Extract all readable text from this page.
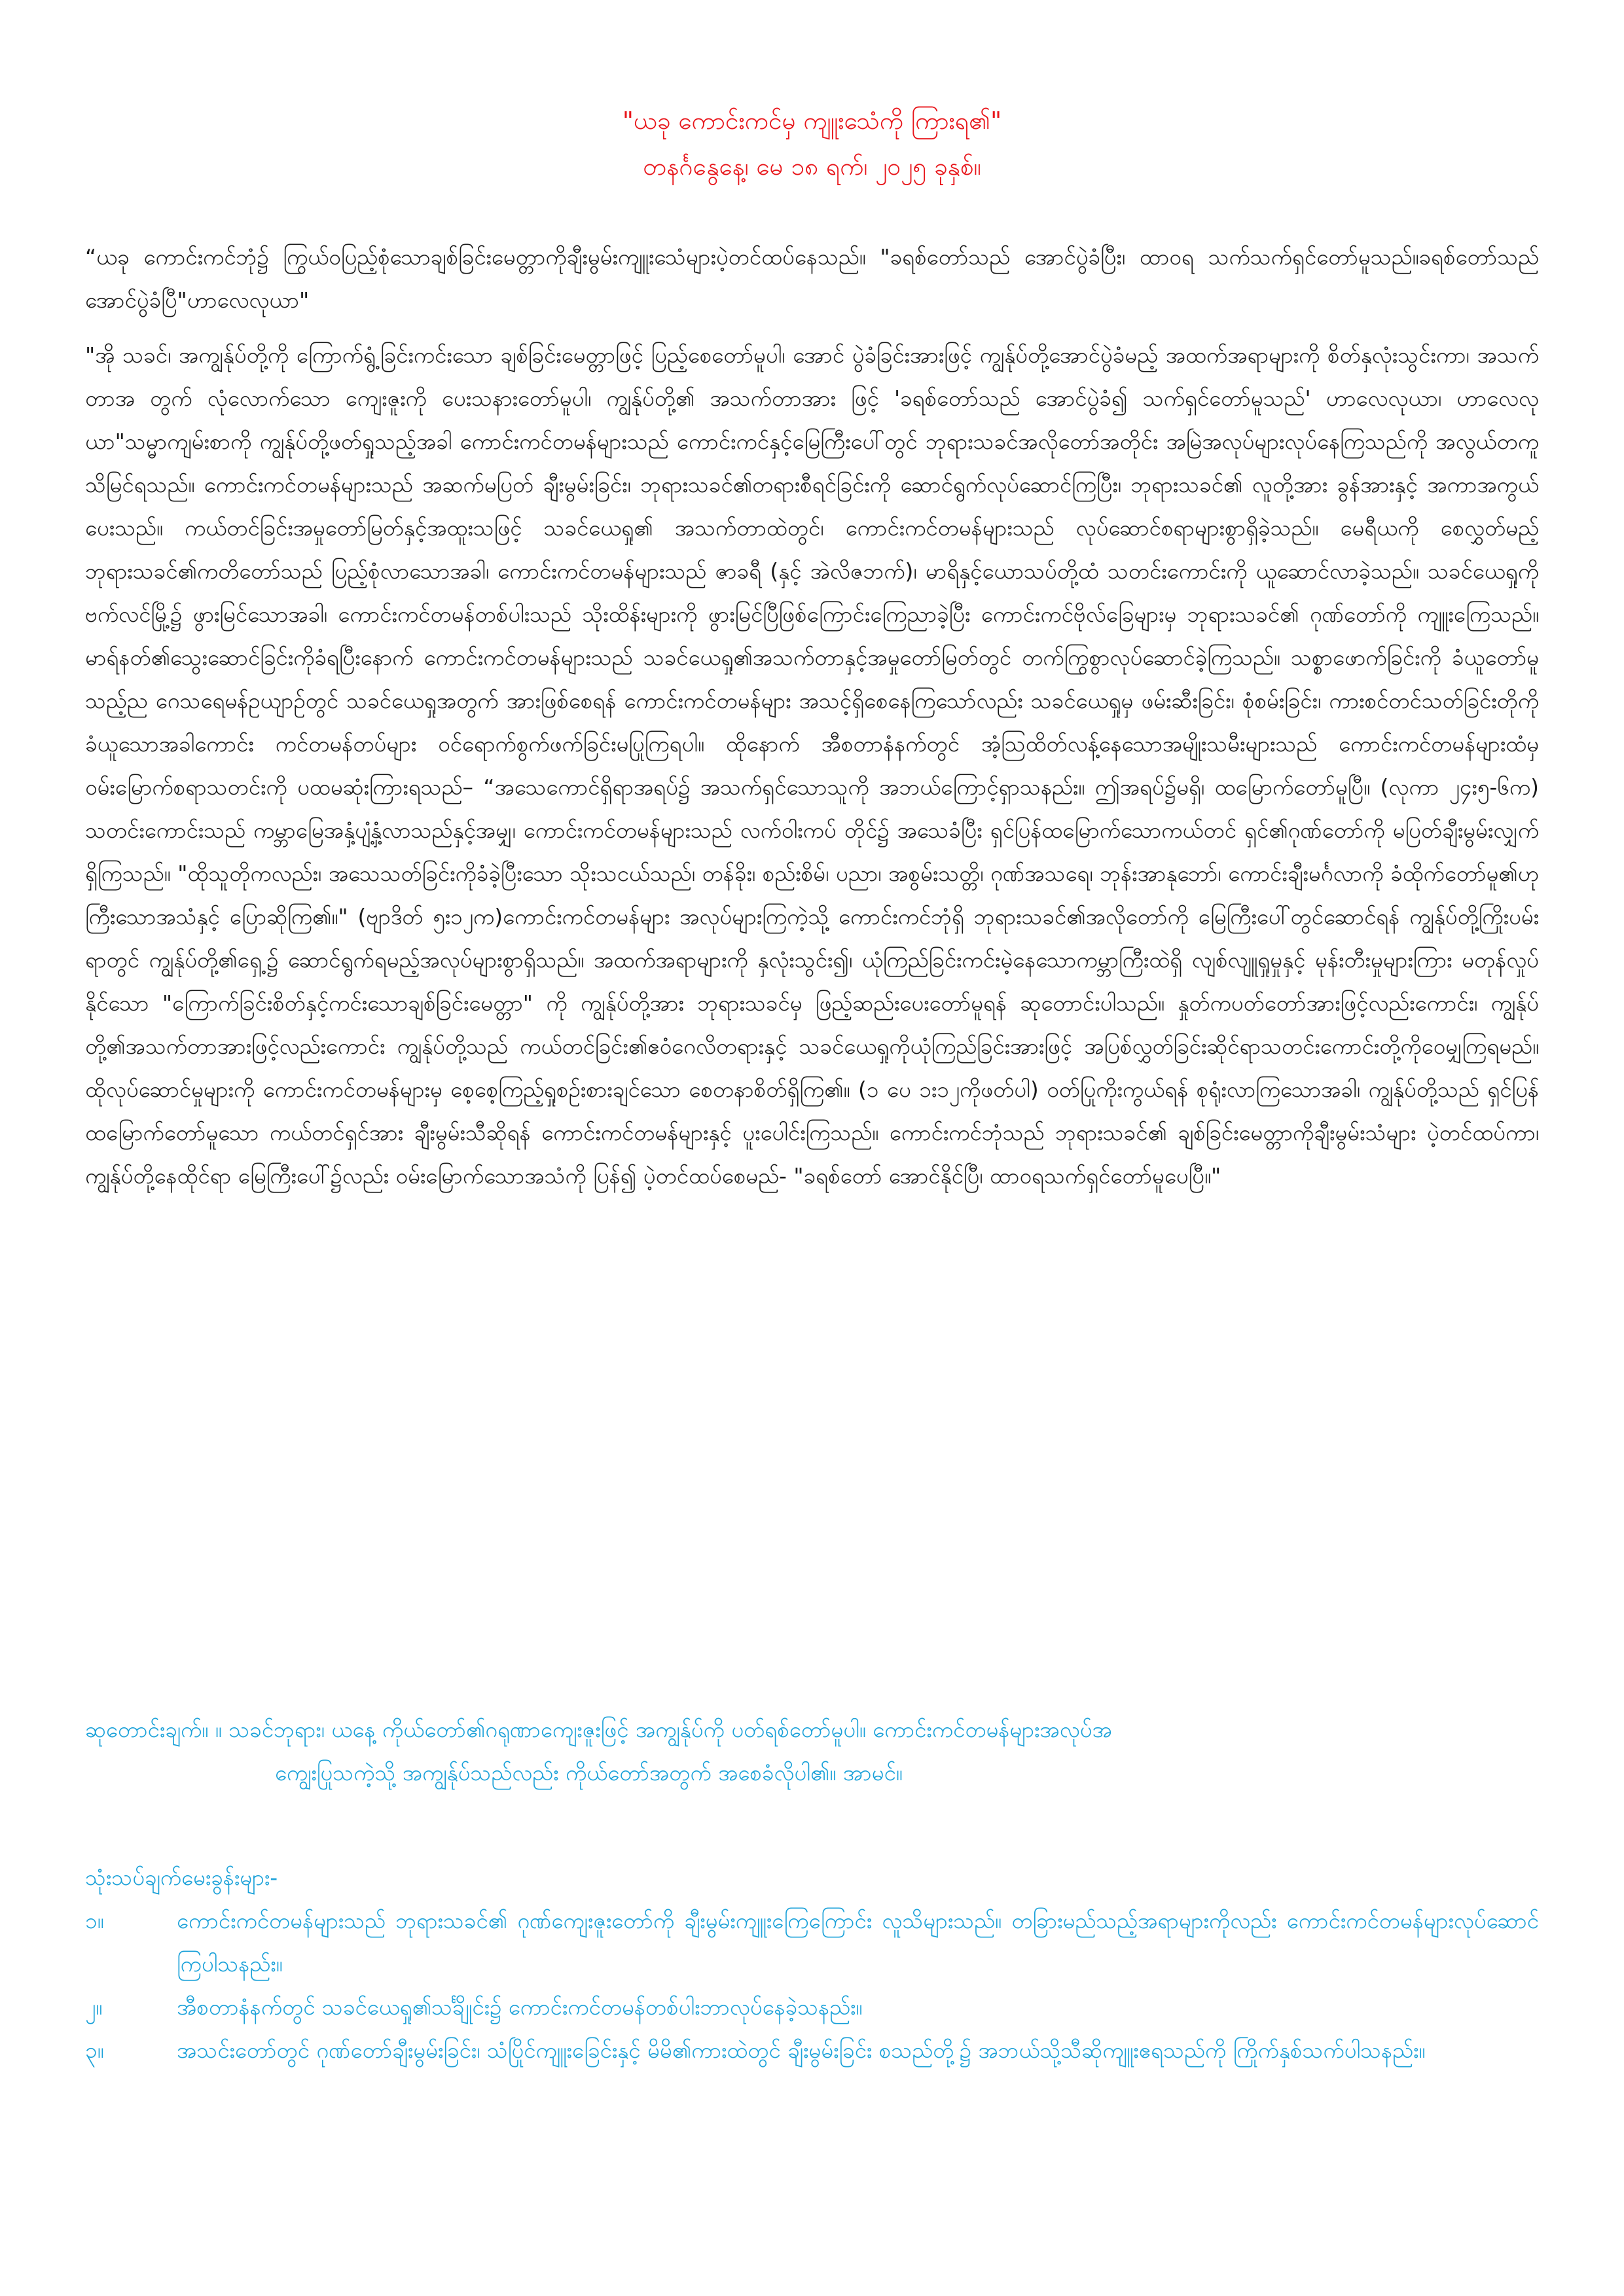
"ယခု ကောင်းကင်မှ ကျူးသေံကို ကြားရ၏"
တနင်္ဂနွေနေ့၊ မေ ၁၈ ရက်၊ ၂၀၂၅ ခုနှစ်။

“ယခု ကောင်းကင်ဘုံ၌ ကြွယ်ဝပြည့်စုံသောချစ်ခြင်းမေတ္တာကိုချီးမွမ်းကျူးသေံများပဲ့တင်ထပ်နေသည်။ "ခရစ်တော်သည် အောင်ပွဲခံပြီး၊ ထာဝရ သက်သက်ရှင်တော်မူသည်။ခရစ်တော်သည် အောင်ပွဲခံပြီ"ဟာလေလုယာ"

"အို သခင်၊ အကျွန်ုပ်တို့ကို ကြောက်ရွံ့ခြင်းကင်းသော ချစ်ခြင်းမေတ္တာဖြင့် ပြည့်စေတော်မူပါ၊ အောင် ပွဲခံခြင်းအားဖြင့် ကျွန်ုပ်တို့အောင်ပွဲခံမည့် အထက်အရာများကို စိတ်နှလုံးသွင်းကာ၊ အသက်တာအ တွက် လုံလောက်သော ကျေးဇူးကို ပေးသနားတော်မူပါ၊ ကျွန်ုပ်တို့၏ အသက်တာအား ဖြင့် 'ခရစ်တော်သည် အောင်ပွဲခံ၍ သက်ရှင်တော်မူသည်' ဟာလေလုယာ၊ ဟာလေလုယာ"သမ္မာကျမ်းစာကို ကျွန်ုပ်တို့ဖတ်ရှုသည့်အခါ ကောင်းကင်တမန်များသည် ကောင်းကင်နှင့်မြေကြီးပေါ်တွင် ဘုရားသခင်အလိုတော်အတိုင်း အမြဲအလုပ်များလုပ်နေကြသည်ကို အလွယ်တကူသိမြင်ရသည်။ ကောင်းကင်တမန်များသည် အဆက်မပြတ် ချီးမွမ်းခြင်း၊ ဘုရားသခင်၏တရားစီရင်ခြင်းကို ဆောင်ရွက်လုပ်ဆောင်ကြပြီး၊ ဘုရားသခင်၏ လူတို့အား ခွန်အားနှင့် အကာအကွယ်ပေးသည်။ ကယ်တင်ခြင်းအမှုတော်မြတ်နှင့်အထူးသဖြင့် သခင်ယေရှု၏ အသက်တာထဲတွင်၊ ကောင်းကင်တမန်များသည် လုပ်ဆောင်စရာများစွာရှိခဲ့သည်။ မေရီယကို စေလွှတ်မည့်ဘုရားသခင်၏ကတိတော်သည် ပြည့်စုံလာသောအခါ၊ ကောင်းကင်တမန်များသည် ဇာခရီ (နှင့် အဲလိဇဘက်)၊ မာရိနှင့်ယောသပ်တို့ထံ သတင်းကောင်းကို ယူဆောင်လာခဲ့သည်။ သခင်ယေရှုကို ဗက်လင်မြို့၌ ဖွားမြင်သောအခါ၊ ကောင်းကင်တမန်တစ်ပါးသည် သိုးထိန်းများကို ဖွားမြင်ပြီဖြစ်ကြောင်းကြေညာခဲ့ပြီး ကောင်းကင်ဗိုလ်ခြေများမှ ဘုရားသခင်၏ ဂုဏ်တော်ကို ကျူးကြေသည်။ မာရ်နတ်၏သွေးဆောင်ခြင်းကိုခံရပြီးနောက် ကောင်းကင်တမန်များသည် သခင်ယေရှု၏အသက်တာနှင့်အမှုတော်မြတ်တွင် တက်ကြွစွာလုပ်ဆောင်ခဲ့ကြသည်။ သစ္စာဖောက်ခြင်းကို ခံယူတော်မူသည့်ည ဂေသရေမန်ဥယျာဉ်တွင် သခင်ယေရှုအတွက် အားဖြစ်စေရန် ကောင်းကင်တမန်များ အသင့်ရှိစေနေကြသော်လည်း သခင်ယေရှုမှ ဖမ်းဆီးခြင်း၊ စုံစမ်းခြင်း၊ ကားစင်တင်သတ်ခြင်းတိုကိုခံယူသောအခါကောင်း ကင်တမန်တပ်များ ဝင်ရောက်စွက်ဖက်ခြင်းမပြုကြရပါ။ ထိုနောက် အီစတာနံနက်တွင် အံ့သြထိတ်လန့်နေသောအမျိုးသမီးများသည် ကောင်းကင်တမန်များထံမှ ဝမ်းမြောက်စရာသတင်းကို ပထမဆုံးကြားရသည်– “အသေကောင်ရှိရာအရပ်၌ အသက်ရှင်သောသူကို အဘယ်ကြောင့်ရှာသနည်း။ ဤအရပ်၌မရှိ၊ ထမြောက်တော်မူပြီ။ (လုကာ ၂၄း၅-၆က) သတင်းကောင်းသည် ကမ္ဘာမြေအနှံ့ပျံ့နှံ့လာသည်နှင့်အမျှ၊ ကောင်းကင်တမန်များသည် လက်ဝါးကပ် တိုင်၌ အသေခံပြီး ရှင်ပြန်ထမြောက်သောကယ်တင် ရှင်၏ဂုဏ်တော်ကို မပြတ်ချီးမွမ်းလျှက်ရှိကြသည်။ "ထိုသူတိုကလည်း၊ အသေသတ်ခြင်းကိုခံခဲ့ပြီးသော သိုးသငယ်သည်၊ တန်ခိုး၊ စည်းစိမ်၊ ပညာ၊ အစွမ်းသတ္တိ၊ ဂုဏ်အသရေ၊ ဘုန်းအာနုဘော်၊ ကောင်းချီးမင်္ဂလာကို ခံထိုက်တော်မူ၏ဟု ကြီးသောအသံနှင့် ပြောဆိုကြ၏။" (ဗျာဒိတ် ၅း၁၂က)ကောင်းကင်တမန်များ အလုပ်များကြကဲ့သို့ ကောင်းကင်ဘုံရှိ ဘုရားသခင်၏အလိုတော်ကို မြေကြီးပေါ်တွင်ဆောင်ရန် ကျွန်ုပ်တို့ကြိုးပမ်းရာတွင် ကျွန်ုပ်တို့၏ရှေ့၌ ဆောင်ရွက်ရမည့်အလုပ်များစွာရှိသည်။ အထက်အရာများကို နှလုံးသွင်း၍၊ ယုံကြည်ခြင်းကင်းမဲ့နေသောကမ္ဘာကြီးထဲရှိ လျစ်လျူရှုမှုနှင့် မုန်းတီးမှုများကြား မတုန်လှုပ်နိုင်သော "ကြောက်ခြင်းစိတ်နှင့်ကင်းသောချစ်ခြင်းမေတ္တာ" ကို ကျွန်ုပ်တို့အား ဘုရားသခင်မှ ဖြည့်ဆည်းပေးတော်မူရန် ဆုတောင်းပါသည်။ နှုတ်ကပတ်တော်အားဖြင့်လည်းကောင်း၊ ကျွန်ုပ်တို့၏အသက်တာအားဖြင့်လည်းကောင်း ကျွန်ုပ်တို့သည် ကယ်တင်ခြင်း၏ဧဝံဂေလိတရားနှင့် သခင်ယေရှုကိုယုံကြည်ခြင်းအားဖြင့် အပြစ်လွှတ်ခြင်းဆိုင်ရာသတင်းကောင်းတို့ကိုဝေမျှကြရမည်။ ထိုလုပ်ဆောင်မှုများကို ကောင်းကင်တမန်များမှ စေ့စေ့ကြည့်ရှုစဉ်းစားချင်သော စေတနာစိတ်ရှိကြ၏။ (၁ ပေ ၁း၁၂ကိုဖတ်ပါ) ဝတ်ပြုကိုးကွယ်ရန် စုရုံးလာကြသောအခါ၊ ကျွန်ုပ်တို့သည် ရှင်ပြန်ထမြောက်တော်မူသော ကယ်တင်ရှင်အား ချီးမွမ်းသီဆိုရန် ကောင်းကင်တမန်များနှင့် ပူးပေါင်းကြသည်။ ကောင်းကင်ဘုံသည် ဘုရားသခင်၏ ချစ်ခြင်းမေတ္တာကိုချီးမွမ်းသံများ ပဲ့တင်ထပ်ကာ၊ ကျွန်ုပ်တို့နေထိုင်ရာ မြေကြီးပေါ်၌လည်း ဝမ်းမြောက်သောအသံကို ပြန်၍ ပဲ့တင်ထပ်စေမည်- "ခရစ်တော် အောင်နိုင်ပြီ၊ ထာဝရသက်ရှင်တော်မူပေပြီ။"

ဆုတောင်းချက်။ ။ သခင်ဘုရား၊ ယနေ့ ကိုယ်တော်၏ဂရုဏာကျေးဇူးဖြင့် အကျွန်ုပ်ကို ပတ်ရစ်တော်မူပါ။ ကောင်းကင်တမန်များအလုပ်အ
ကျွေးပြုသကဲ့သို့ အကျွန်ုပ်သည်လည်း ကိုယ်တော်အတွက် အစေခံလိုပါ၏။ အာမင်။
သုံးသပ်ချက်မေးခွန်းများ-
၁။	ကောင်းကင်တမန်များသည် ဘုရားသခင်၏ ဂုဏ်ကျေးဇူးတော်ကို ချီးမွမ်းကျူးကြေကြောင်း လူသိများသည်။ တခြားမည်သည့်အရာများကိုလည်း ကောင်းကင်တမန်များလုပ်ဆောင်ကြပါသနည်း။
၂။	အီစတာနံနက်တွင် သခင်ယေရှု၏သင်္ချိုင်း၌ ကောင်းကင်တမန်တစ်ပါးဘာလုပ်နေခဲ့သနည်း။
၃။	အသင်းတော်တွင် ဂုဏ်တော်ချီးမွမ်းခြင်း၊ သံပြိုင်ကျူးခြေင်းနှင့် မိမိ၏ကားထဲတွင် ချီးမွမ်းခြင်း စသည်တို့၌ အဘယ်သို့သီဆိုကျူးဧရသည်ကို ကြိုက်နှစ်သက်ပါသနည်း။
